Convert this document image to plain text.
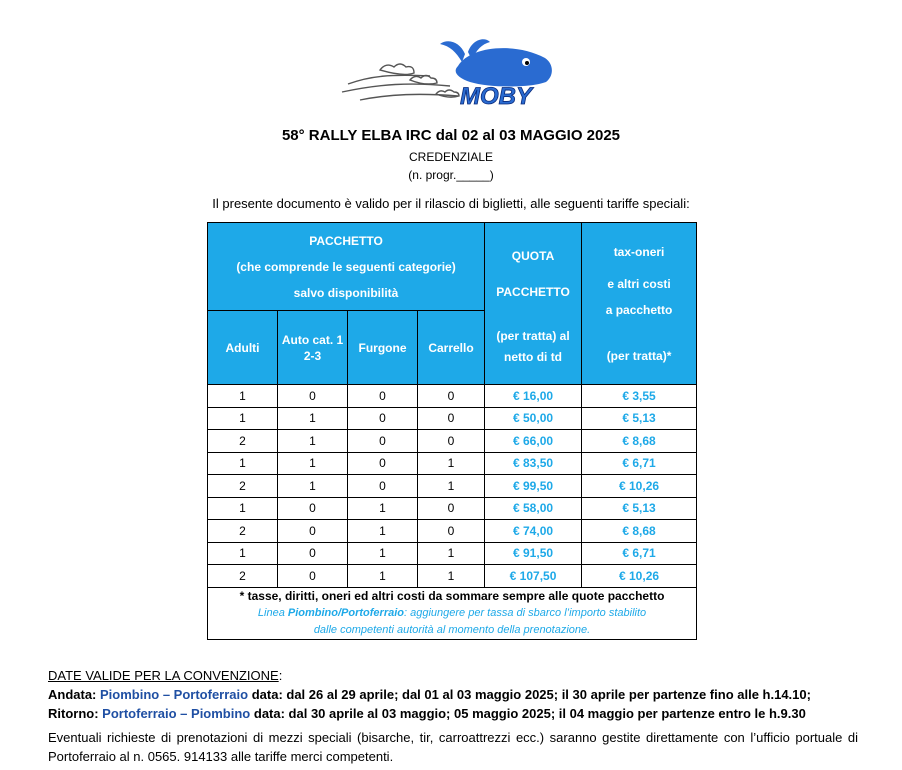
MOBY
58° RALLY ELBA IRC dal 02 al 03 MAGGIO 2025
CREDENZIALE
(n. progr._____)
Il presente documento è valido per il rilascio di biglietti, alle seguenti tariffe speciali:
PACCHETTO
(che comprende le seguenti categorie)
salvo disponibilità				QUOTA
PACCHETTO
(per tratta) al
netto di td	tax-oneri
e altri costi
a pacchetto
(per tratta)*

Adulti	Auto cat. 1 2-3	Furgone	Carrello		
1	0	0	0	€ 16,00	€ 3,55
1	1	0	0	€ 50,00	€ 5,13
2	1	0	0	€ 66,00	€ 8,68
1	1	0	1	€ 83,50	€ 6,71
2	1	0	1	€ 99,50	€ 10,26
1	0	1	0	€ 58,00	€ 5,13
2	0	1	0	€ 74,00	€ 8,68
1	0	1	1	€ 91,50	€ 6,71
2	0	1	1	€ 107,50	€ 10,26

* tasse, diritti, oneri ed altri costi da sommare sempre alle quote pacchetto
Linea Piombino/Portoferraio: aggiungere per tassa di sbarco l’importo stabilito
dalle competenti autorità al momento della prenotazione.					
DATE VALIDE PER LA CONVENZIONE:
Andata: Piombino – Portoferraio data: dal 26 al 29 aprile; dal 01 al 03 maggio 2025; il 30 aprile per partenze fino alle h.14.10;
Ritorno: Portoferraio – Piombino data: dal 30 aprile al 03 maggio; 05 maggio 2025; il 04 maggio per partenze entro le h.9.30
Eventuali richieste di prenotazioni di mezzi speciali (bisarche, tir, carroattrezzi ecc.) saranno gestite direttamente con l’ufficio portuale di Portoferraio al n. 0565. 914133 alle tariffe merci competenti.
